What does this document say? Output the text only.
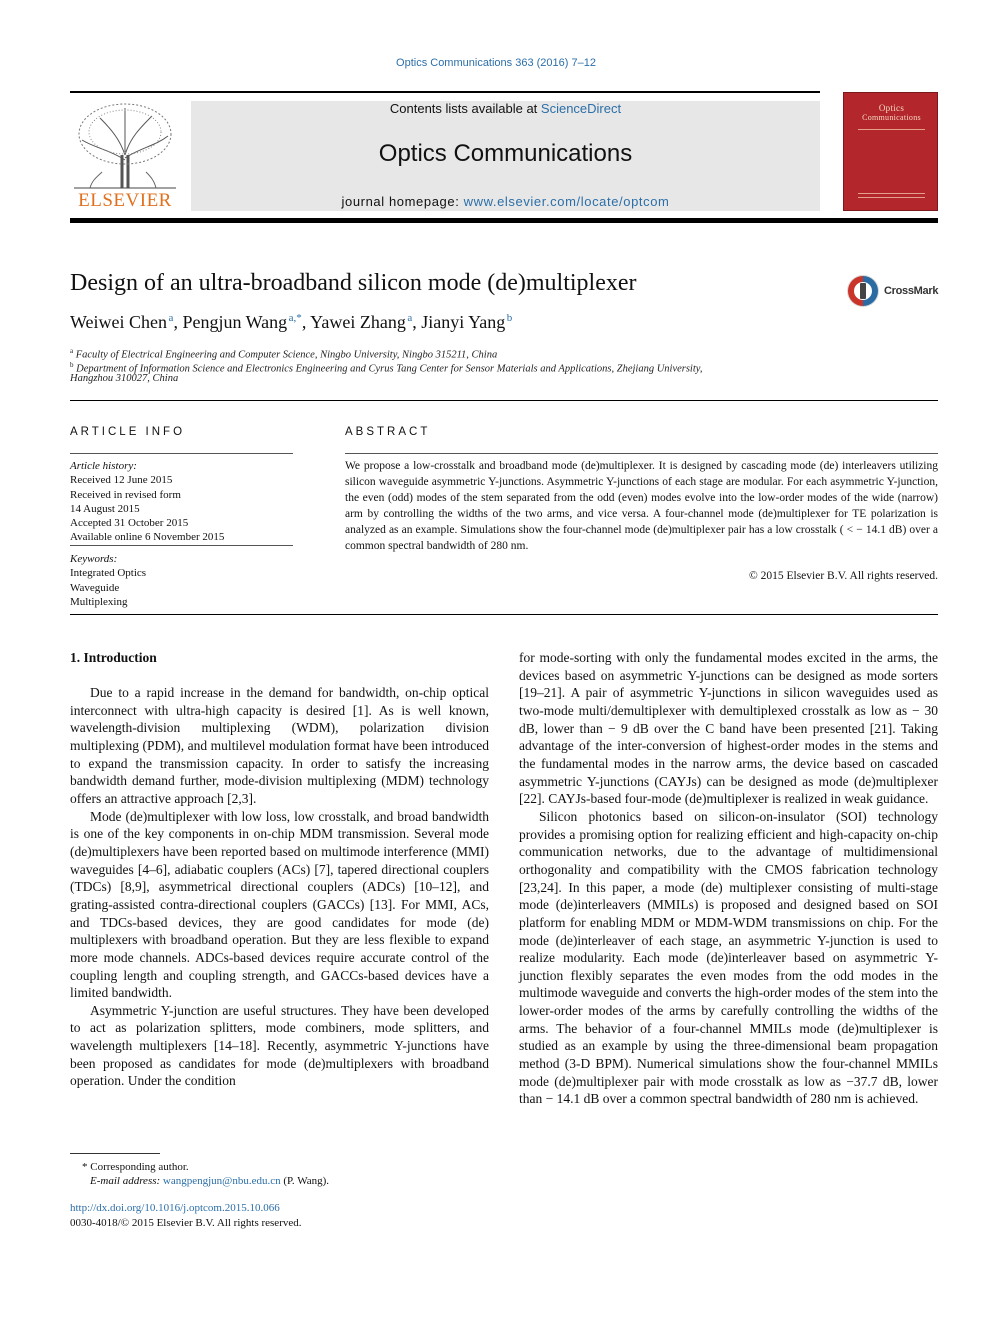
Optics Communications 363 (2016) 7–12
ELSEVIER
Contents lists available at ScienceDirect
Optics Communications
journal homepage: www.elsevier.com/locate/optcom
Optics
Communications
Design of an ultra-broadband silicon mode (de)multiplexer	CrossMark
Weiwei Chen  $^a$, Pengjun Wang  $^{a,*}$, Yawei Zhang  $^a$, Jianyi Yang  $^b$
$^a$ Faculty of Electrical Engineering and Computer Science, Ningbo University, Ningbo 315211, China
$^b$ Department of Information Science and Electronics Engineering and Cyrus Tang Center for Sensor Materials and Applications, Zhejiang University,
Hangzhou 310027, China
ARTICLE INFO
Article history:
Received 12 June 2015
Received in revised form
14 August 2015
Accepted 31 October 2015
Available online 6 November 2015
Keywords:
Integrated Optics
Waveguide
Multiplexing
ABSTRACT
We propose a low-crosstalk and broadband mode (de)multiplexer. It is designed by cascading mode (de) interleavers utilizing silicon waveguide asymmetric Y-junctions. Asymmetric Y-junctions of each stage are modular. For each asymmetric Y-junction, the even (odd) modes of the stem separated from the odd (even) modes evolve into the low-order modes of the wide (narrow) arm by controlling the widths of the two arms, and vice versa. A four-channel mode (de)multiplexer for TE polarization is analyzed as an example. Simulations show the four-channel mode (de)multiplexer pair has a low crosstalk ( < − 14.1 dB) over a common spectral bandwidth of 280 nm.
© 2015 Elsevier B.V. All rights reserved.
1. Introduction

Due to a rapid increase in the demand for bandwidth, on-chip optical interconnect with ultra-high capacity is desired [1]. As is well known, wavelength-division multiplexing (WDM), polarization division multiplexing (PDM), and multilevel modulation format have been introduced to expand the transmission capacity. In order to satisfy the increasing bandwidth demand further, mode-division multiplexing (MDM) technology offers an attractive approach [2,3].

Mode (de)multiplexer with low loss, low crosstalk, and broad bandwidth is one of the key components in on-chip MDM transmission. Several mode (de)multiplexers have been reported based on multimode interference (MMI) waveguides [4–6], adiabatic couplers (ACs) [7], tapered directional couplers (TDCs) [8,9], asymmetrical directional couplers (ADCs) [10–12], and grating-assisted contra-directional couplers (GACCs) [13]. For MMI, ACs, and TDCs-based devices, they are good candidates for mode (de) multiplexers with broadband operation. But they are less flexible to expand more mode channels. ADCs-based devices require accurate control of the coupling length and coupling strength, and GACCs-based devices have a limited bandwidth.

Asymmetric Y-junction are useful structures. They have been developed to act as polarization splitters, mode combiners, mode splitters, and wavelength multiplexers [14–18]. Recently, asymmetric Y-junctions have been proposed as candidates for mode (de)multiplexers with broadband operation. Under the condition

for mode-sorting with only the fundamental modes excited in the arms, the devices based on asymmetric Y-junctions can be designed as mode sorters [19–21]. A pair of asymmetric Y-junctions in silicon waveguides used as two-mode multi/demultiplexer with demultiplexed crosstalk as low as − 30 dB, lower than − 9 dB over the C band have been presented [21]. Taking advantage of the inter-conversion of highest-order modes in the stems and the fundamental modes in the narrow arms, the device based on cascaded asymmetric Y-junctions (CAYJs) can be designed as mode (de)multiplexer [22]. CAYJs-based four-mode (de)multiplexer is realized in weak guidance.

Silicon photonics based on silicon-on-insulator (SOI) technology provides a promising option for realizing efficient and high-capacity on-chip communication networks, due to the advantage of multidimensional orthogonality and compatibility with the CMOS fabrication technology [23,24]. In this paper, a mode (de) multiplexer consisting of multi-stage mode (de)interleavers (MMILs) is proposed and designed based on SOI platform for enabling MDM or MDM-WDM transmissions on chip. For the mode (de)interleaver of each stage, an asymmetric Y-junction is used to realize modularity. Each mode (de)interleaver based on asymmetric Y-junction flexibly separates the even modes from the odd modes in the multimode waveguide and converts the high-order modes of the stem into the lower-order modes of the arms by carefully controlling the widths of the arms. The behavior of a four-channel MMILs mode (de)multiplexer is studied as an example by using the three-dimensional beam propagation method (3-D BPM). Numerical simulations show the four-channel MMILs mode (de)multiplexer pair with mode crosstalk as low as −37.7 dB, lower than − 14.1 dB over a common spectral bandwidth of 280 nm is achieved.

* Corresponding author.
E-mail address: wangpengjun@nbu.edu.cn (P. Wang).
http://dx.doi.org/10.1016/j.optcom.2015.10.066
0030-4018/© 2015 Elsevier B.V. All rights reserved.
